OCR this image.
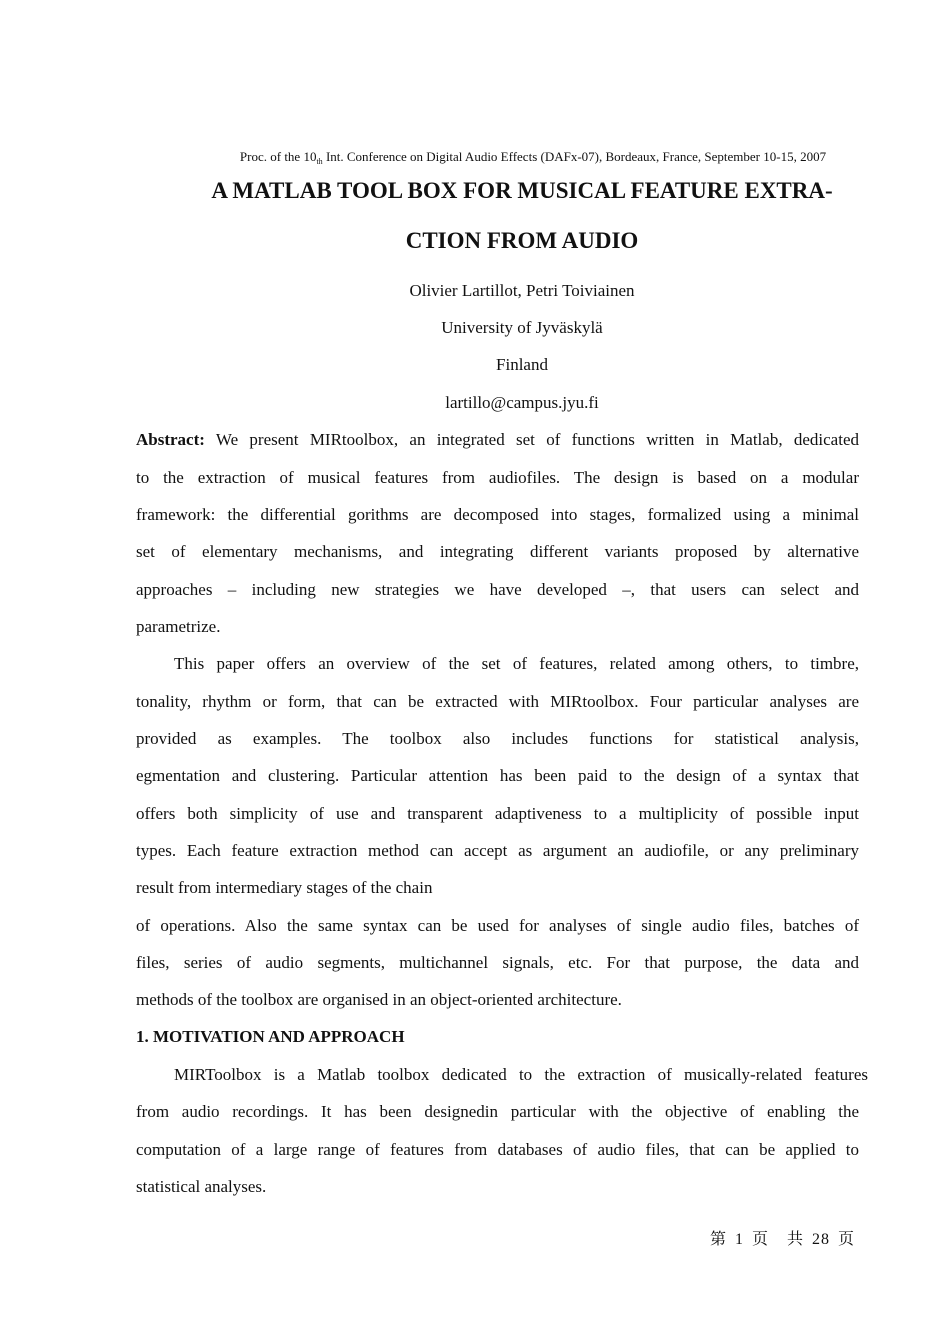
Proc. of the $10_{th}$ Int. Conference on Digital Audio Effects (DAFx-07), Bordeaux, France, September 10-15, 2007
A MATLAB TOOL BOX FOR MUSICAL FEATURE EXTRA-
CTION FROM AUDIO
Olivier Lartillot, Petri Toiviainen
University of Jyväskylä
Finland
lartillo@campus.jyu.fi
Abstract: We present MIRtoolbox, an integrated set of functions written in Matlab, dedicated
to the extraction of musical features from audiofiles. The design is based on a modular
framework: the differential gorithms are decomposed into stages, formalized using a minimal
set of elementary mechanisms, and integrating different variants proposed by alternative
approaches – including new strategies we have developed –, that users can select and
parametrize.
This paper offers an overview of the set of features, related among others, to timbre,
tonality, rhythm or form, that can be extracted with MIRtoolbox. Four particular analyses are
provided as examples. The toolbox also includes functions for statistical analysis,
egmentation and clustering. Particular attention has been paid to the design of a syntax that
offers both simplicity of use and transparent adaptiveness to a multiplicity of possible input
types. Each feature extraction method can accept as argument an audiofile, or any preliminary
result from intermediary stages of the chain
of operations. Also the same syntax can be used for analyses of single audio files, batches of
files, series of audio segments, multichannel signals, etc. For that purpose, the data and
methods of the toolbox are organised in an object-oriented architecture.
1. MOTIVATION AND APPROACH
MIRToolbox is a Matlab toolbox dedicated to the extraction of musically-related features
from audio recordings. It has been designedin particular with the objective of enabling the
computation of a large range of features from databases of audio files, that can be applied to
statistical analyses.
第 1 页 共 28 页
